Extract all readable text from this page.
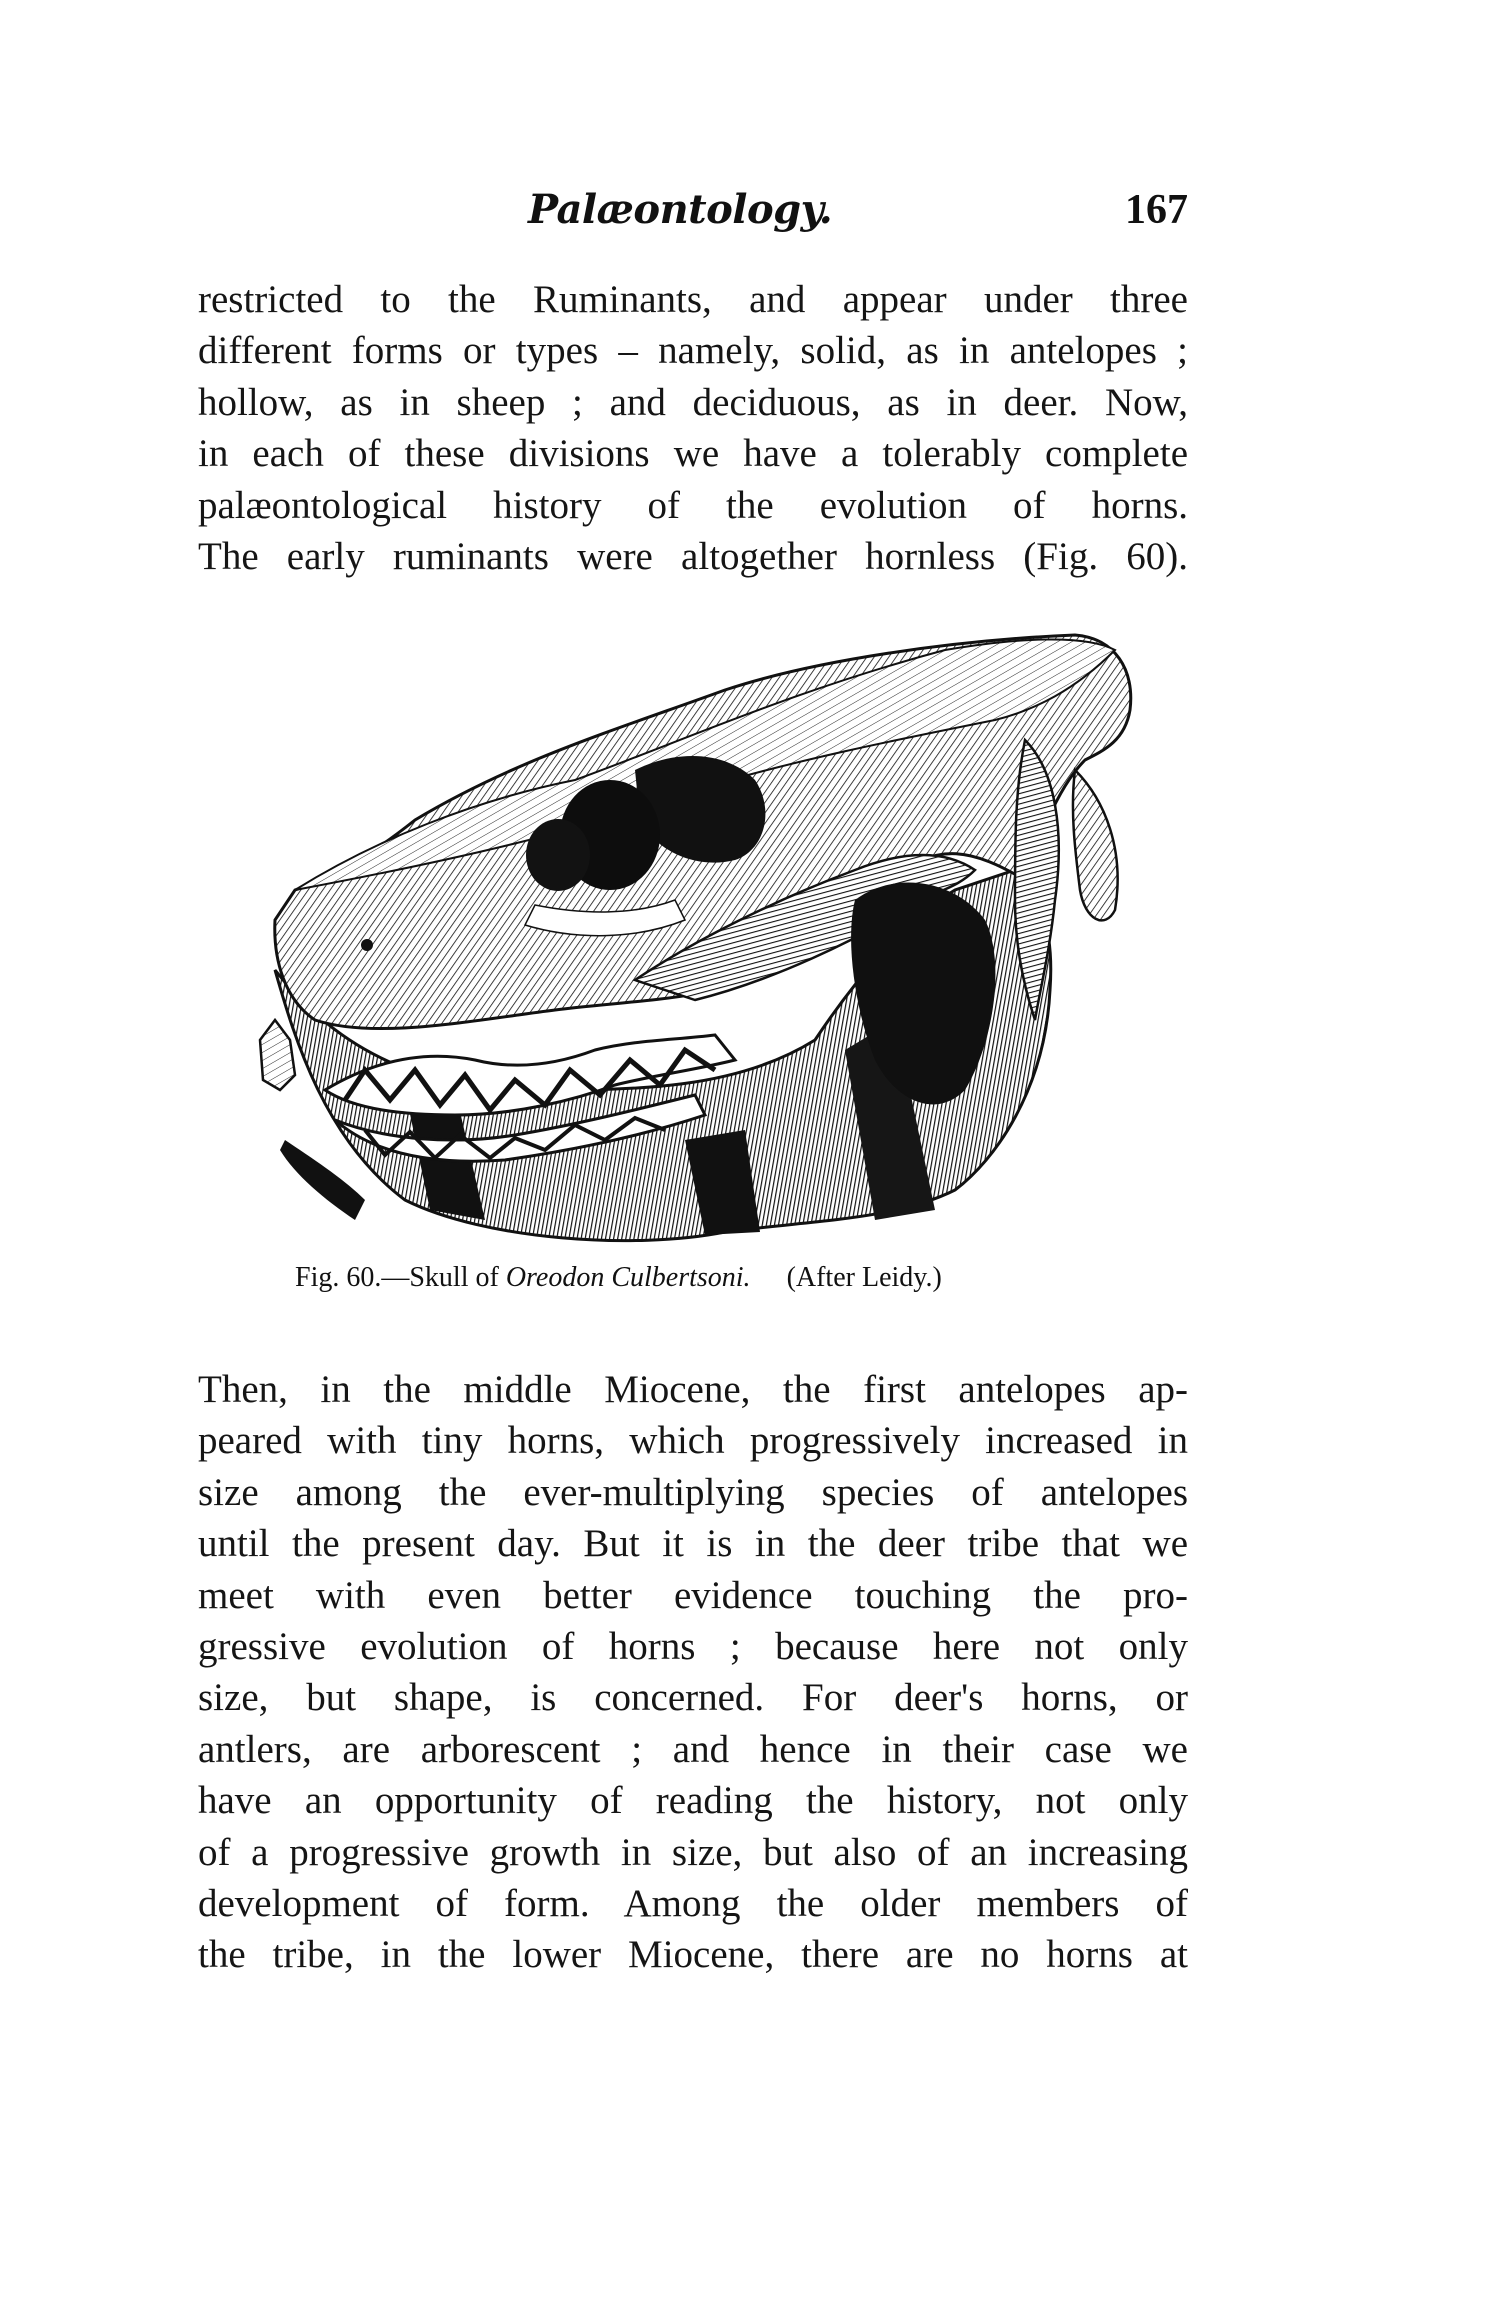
Palæontology.	167
restricted to the Ruminants, and appear under three
different forms or types – namely, solid, as in antelopes ;
hollow, as in sheep ; and deciduous, as in deer. Now,
in each of these divisions we have a tolerably complete
palæontological history of the evolution of horns.
The early ruminants were altogether hornless (Fig. 60).
Fig. 60.—Skull of Oreodon Culbertsoni. (After Leidy.)
Then, in the middle Miocene, the first antelopes ap-
peared with tiny horns, which progressively increased in
size among the ever-multiplying species of antelopes
until the present day. But it is in the deer tribe that we
meet with even better evidence touching the pro-
gressive evolution of horns ; because here not only
size, but shape, is concerned. For deer's horns, or
antlers, are arborescent ; and hence in their case we
have an opportunity of reading the history, not only
of a progressive growth in size, but also of an increasing
development of form. Among the older members of
the tribe, in the lower Miocene, there are no horns at
